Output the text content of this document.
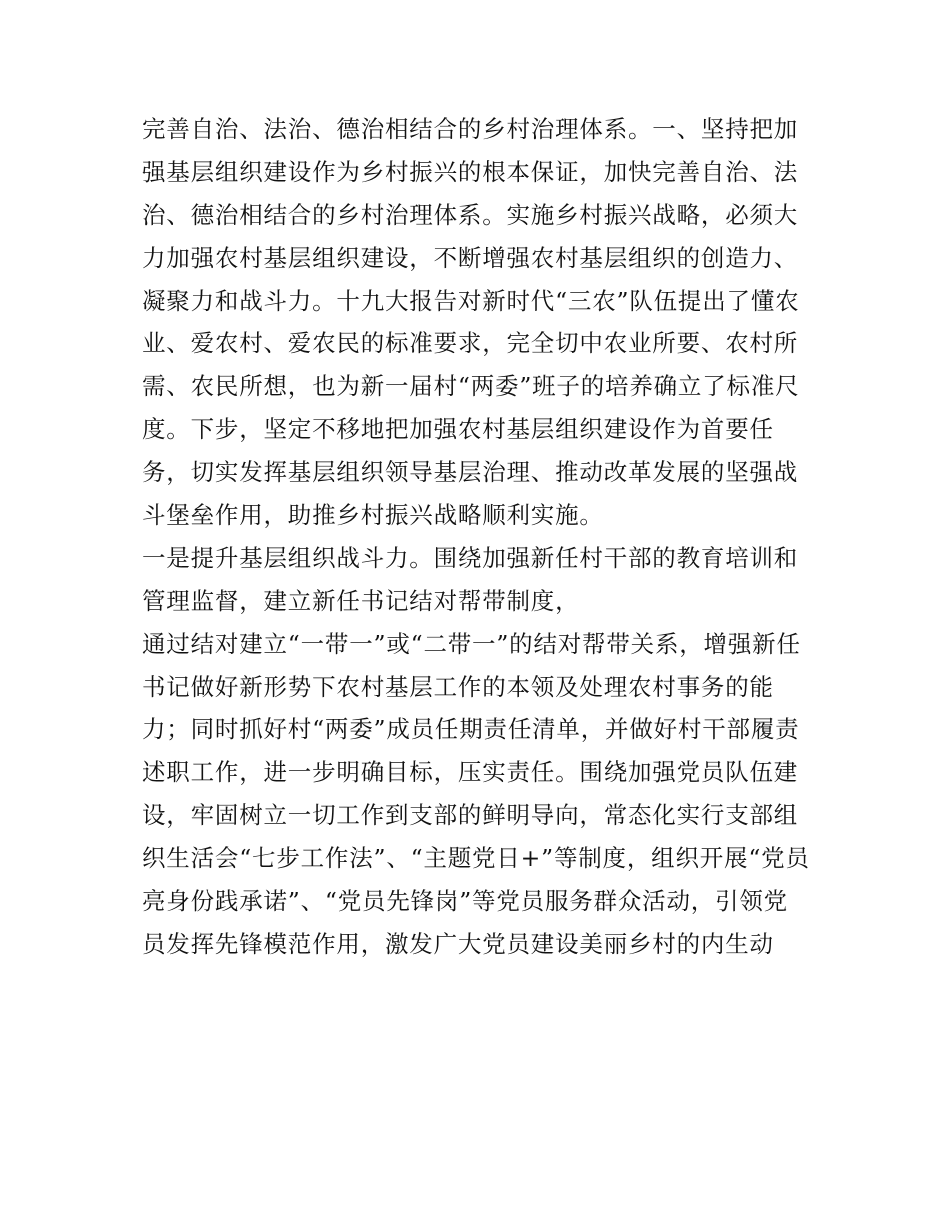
完善自治、法治、德治相结合的乡村治理体系。一、坚持把加
强基层组织建设作为乡村振兴的根本保证，加快完善自治、法
治、德治相结合的乡村治理体系。实施乡村振兴战略，必须大
力加强农村基层组织建设，不断增强农村基层组织的创造力、
凝聚力和战斗力。十九大报告对新时代“三农”队伍提出了懂农
业、爱农村、爱农民的标准要求，完全切中农业所要、农村所
需、农民所想，也为新一届村“两委”班子的培养确立了标准尺
度。下步，坚定不移地把加强农村基层组织建设作为首要任
务，切实发挥基层组织领导基层治理、推动改革发展的坚强战
斗堡垒作用，助推乡村振兴战略顺利实施。
一是提升基层组织战斗力。围绕加强新任村干部的教育培训和
管理监督，建立新任书记结对帮带制度，
通过结对建立“一带一”或“二带一”的结对帮带关系，增强新任
书记做好新形势下农村基层工作的本领及处理农村事务的能
力；同时抓好村“两委”成员任期责任清单，并做好村干部履责
述职工作，进一步明确目标，压实责任。围绕加强党员队伍建
设，牢固树立一切工作到支部的鲜明导向，常态化实行支部组
织生活会“七步工作法”、“主题党日+”等制度，组织开展“党员
亮身份践承诺”、“党员先锋岗”等党员服务群众活动，引领党
员发挥先锋模范作用，激发广大党员建设美丽乡村的内生动
